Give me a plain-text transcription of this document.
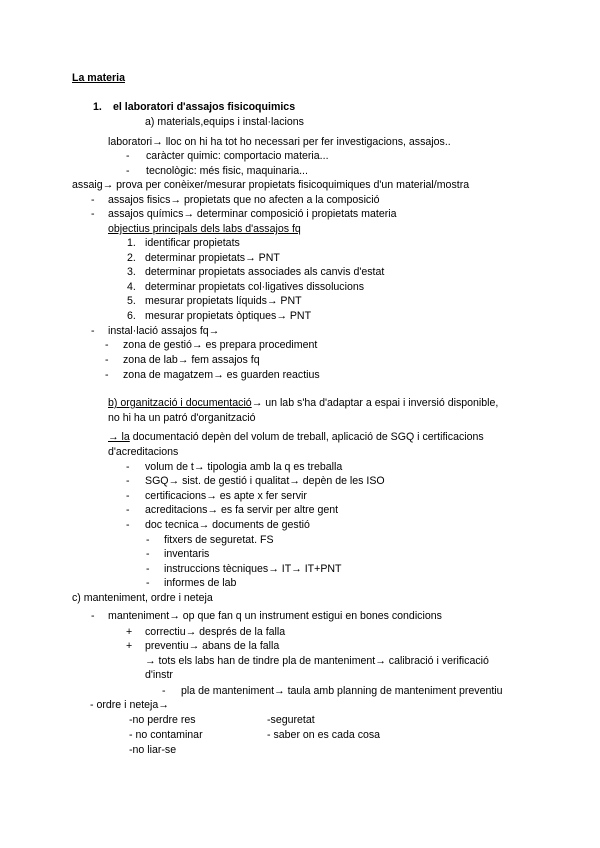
La materia
1. el laboratori d'assajos fisicoquimics
a) materials,equips i instal·lacions
laboratori→ lloc on hi ha tot ho necessari per fer investigacions, assajos..
- caràcter quimic: comportacio materia...
- tecnològic: més fisic, maquinaria...
assaig→ prova per conèixer/mesurar propietats fisicoquimiques d'un material/mostra
- assajos fisics→ propietats que no afecten a la composició
- assajos químics→ determinar composició i propietats materia
objectius principals dels labs d'assajos fq
1. identificar propietats
2. determinar propietats→ PNT
3. determinar propietats associades als canvis d'estat
4. determinar propietats col·ligatives dissolucions
5. mesurar propietats líquids→ PNT
6. mesurar propietats òptiques→ PNT
- instal·lació assajos fq→
- zona de gestió→ es prepara procediment
- zona de lab→ fem assajos fq
- zona de magatzem→ es guarden reactius
b) organització i documentació→ un lab s'ha d'adaptar a espai i inversió disponible,
no hi ha un patró d'organització
→ la documentació depèn del volum de treball, aplicació de SGQ i certificacions
d'acreditacions
- volum de t→ tipologia amb la q es treballa
- SGQ→ sist. de gestió i qualitat→ depèn de les ISO
- certificacions→ es apte x fer servir
- acreditacions→ es fa servir per altre gent
- doc tecnica→ documents de gestió
- fitxers de seguretat. FS
- inventaris
- instruccions tècniques→ IT→ IT+PNT
- informes de lab
c) manteniment, ordre i neteja
- manteniment→ op que fan q un instrument estigui en bones condicions
+ correctiu→ després de la falla
+ preventiu→ abans de la falla
→ tots els labs han de tindre pla de manteniment→ calibració i verificació
d'instr
- pla de manteniment→ taula amb planning de manteniment preventiu
- ordre i neteja→
-no perdre res	-seguretat
- no contaminar	- saber on es cada cosa
-no liar-se
